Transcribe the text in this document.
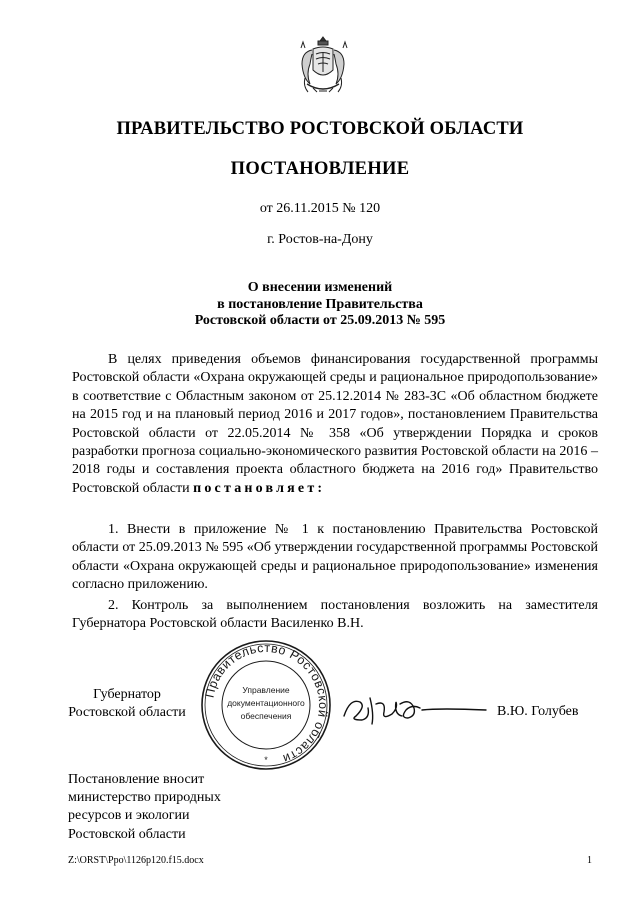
ПРАВИТЕЛЬСТВО РОСТОВСКОЙ ОБЛАСТИ
ПОСТАНОВЛЕНИЕ
от 26.11.2015 № 120
г. Ростов-на-Дону
О внесении изменений
в постановление Правительства
Ростовской области от 25.09.2013 № 595
В целях приведения объемов финансирования государственной программы Ростовской области «Охрана окружающей среды и рациональное природопользование» в соответствие с Областным законом от 25.12.2014 № 283-ЗС «Об областном бюджете на 2015 год и на плановый период 2016 и 2017 годов», постановлением Правительства Ростовской области от 22.05.2014 № 358 «Об утверждении Порядка и сроков разработки прогноза социально-экономического развития Ростовской области на 2016 – 2018 годы и составления проекта областного бюджета на 2016 год» Правительство Ростовской области постановляет:
1. Внести в приложение № 1 к постановлению Правительства Ростовской области от 25.09.2013 № 595 «Об утверждении государственной программы Ростовской области «Охрана окружающей среды и рациональное природопользование» изменения согласно приложению.
2. Контроль за выполнением постановления возложить на заместителя Губернатора Ростовской области Василенко В.Н.
Губернатор
Ростовской области
Правительство Ростовской области
Управление
документационного
обеспечения
*
В.Ю. Голубев
Постановление вносит
министерство природных
ресурсов и экологии
Ростовской области
Z:\ORST\Ppo\1126p120.f15.docx	1
